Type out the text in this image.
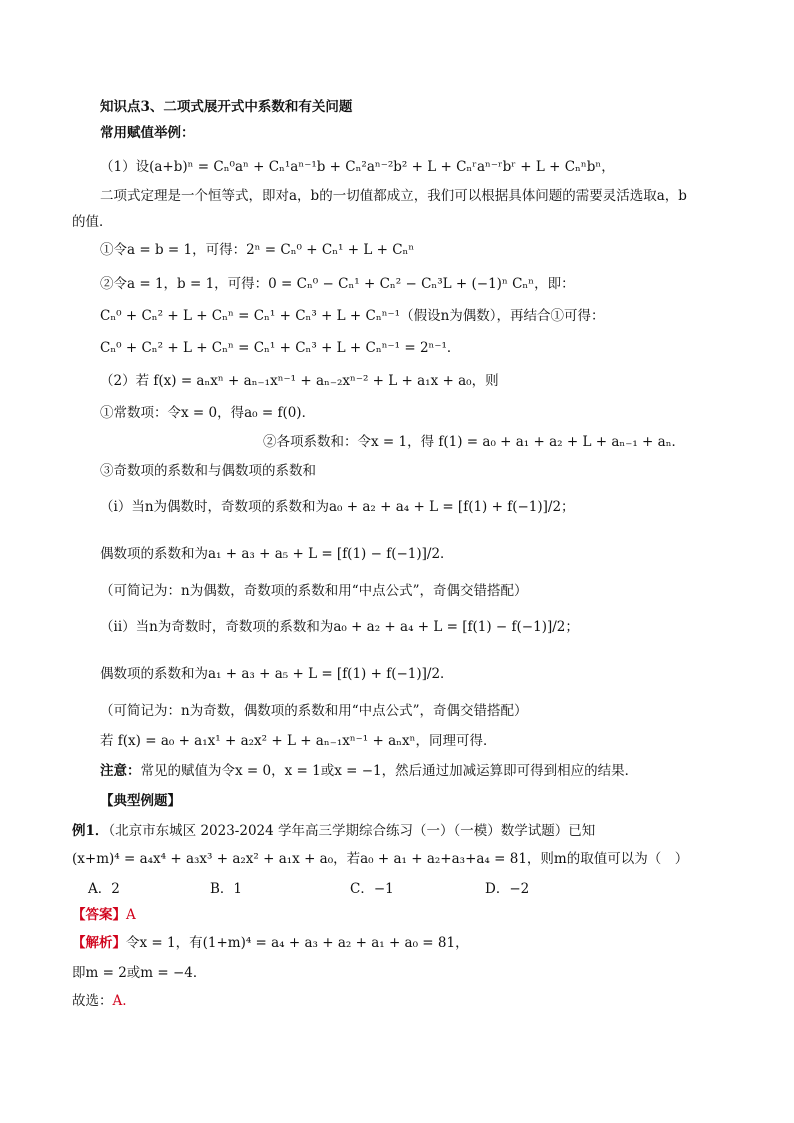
知识点3、二项式展开式中系数和有关问题
常用赋值举例：
（1）设(a+b)ⁿ = Cₙ⁰aⁿ + Cₙ¹aⁿ⁻¹b + Cₙ²aⁿ⁻²b² + L + Cₙʳaⁿ⁻ʳbʳ + L + Cₙⁿbⁿ，
二项式定理是一个恒等式，即对a，b的一切值都成立，我们可以根据具体问题的需要灵活选取a，b
的值．
①令a = b = 1，可得：2ⁿ = Cₙ⁰ + Cₙ¹ + L + Cₙⁿ
②令a = 1，b = 1，可得：0 = Cₙ⁰ − Cₙ¹ + Cₙ² − Cₙ³L + (−1)ⁿ Cₙⁿ，即：
Cₙ⁰ + Cₙ² + L + Cₙⁿ = Cₙ¹ + Cₙ³ + L + Cₙⁿ⁻¹（假设n为偶数），再结合①可得：
Cₙ⁰ + Cₙ² + L + Cₙⁿ = Cₙ¹ + Cₙ³ + L + Cₙⁿ⁻¹ = 2ⁿ⁻¹．
（2）若 f(x) = aₙxⁿ + aₙ₋₁xⁿ⁻¹ + aₙ₋₂xⁿ⁻² + L + a₁x + a₀，则
①常数项：令x = 0，得a₀ = f(0)．
②各项系数和：令x = 1，得 f(1) = a₀ + a₁ + a₂ + L + aₙ₋₁ + aₙ．
③奇数项的系数和与偶数项的系数和
（i）当n为偶数时，奇数项的系数和为a₀ + a₂ + a₄ + L = [f(1) + f(−1)]/2；
偶数项的系数和为a₁ + a₃ + a₅ + L = [f(1) − f(−1)]/2．
（可简记为：n为偶数，奇数项的系数和用“中点公式”，奇偶交错搭配）
（ii）当n为奇数时，奇数项的系数和为a₀ + a₂ + a₄ + L = [f(1) − f(−1)]/2；
偶数项的系数和为a₁ + a₃ + a₅ + L = [f(1) + f(−1)]/2．
（可简记为：n为奇数，偶数项的系数和用“中点公式”，奇偶交错搭配）
若 f(x) = a₀ + a₁x¹ + a₂x² + L + aₙ₋₁xⁿ⁻¹ + aₙxⁿ，同理可得．
注意：常见的赋值为令x = 0，x = 1或x = −1，然后通过加减运算即可得到相应的结果．
【典型例题】
例1．（北京市东城区 2023-2024 学年高三学期综合练习（一）（一模）数学试题）已知
(x+m)⁴ = a₄x⁴ + a₃x³ + a₂x² + a₁x + a₀，若a₀ + a₁ + a₂+a₃+a₄ = 81，则m的取值可以为（　）
A．2	B．1	C．−1	D．−2
【答案】A
【解析】令x = 1，有(1+m)⁴ = a₄ + a₃ + a₂ + a₁ + a₀ = 81，
即m = 2或m = −4．
故选：A.
